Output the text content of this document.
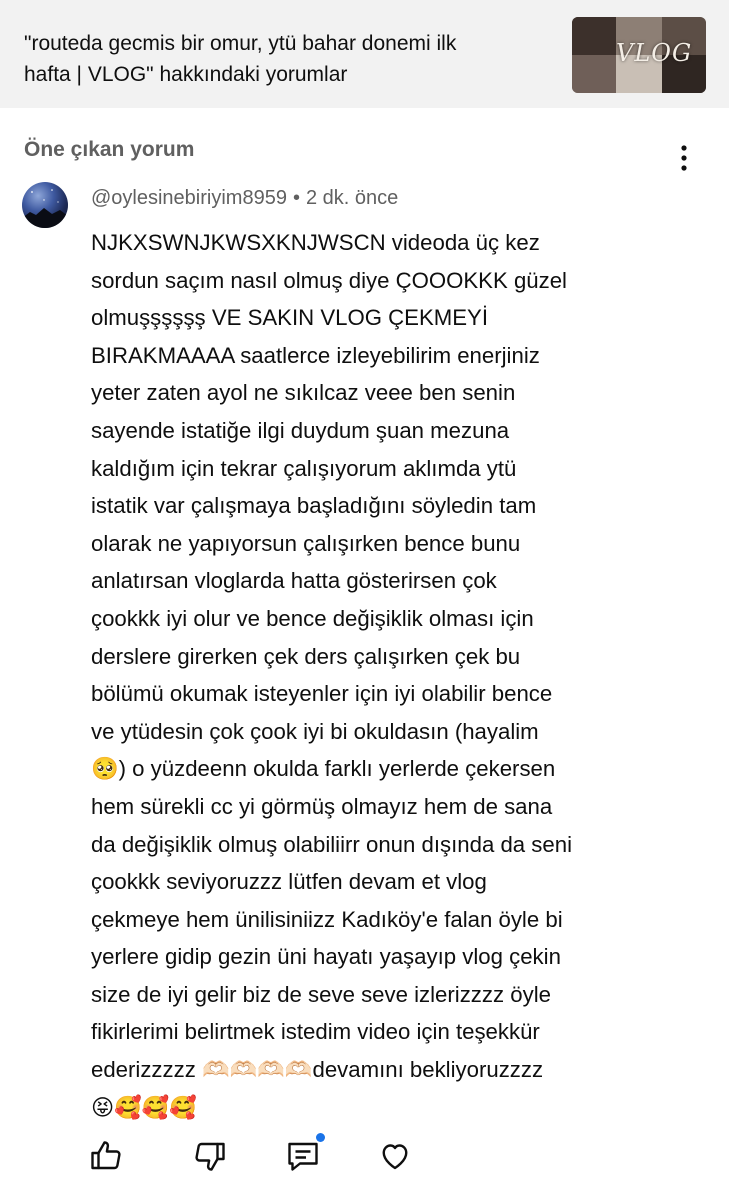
"routeda gecmis bir omur, ytü bahar donemi ilk
hafta | VLOG" hakkındaki yorumlar
VLOG
Öne çıkan yorum
@oylesinebiriyim8959 • 2 dk. önce
NJKXSWNJKWSXKNJWSCN videoda üç kez
sordun saçım nasıl olmuş diye ÇOOOKKK güzel
olmuşşşşşş VE SAKIN VLOG ÇEKMEYİ
BIRAKMAAAA saatlerce izleyebilirim enerjiniz
yeter zaten ayol ne sıkılcaz veee ben senin
sayende istatiğe ilgi duydum şuan mezuna
kaldığım için tekrar çalışıyorum aklımda ytü
istatik var çalışmaya başladığını söyledin tam
olarak ne yapıyorsun çalışırken bence bunu
anlatırsan vloglarda hatta gösterirsen çok
çookkk iyi olur ve bence değişiklik olması için
derslere girerken çek ders çalışırken çek bu
bölümü okumak isteyenler için iyi olabilir bence
ve ytüdesin çok çook iyi bi okuldasın (hayalim
🥺) o yüzdeenn okulda farklı yerlerde çekersen
hem sürekli cc yi görmüş olmayız hem de sana
da değişiklik olmuş olabiliirr onun dışında da seni
çookkk seviyoruzzz lütfen devam et vlog
çekmeye hem ünilisiniizz Kadıköy'e falan öyle bi
yerlere gidip gezin üni hayatı yaşayıp vlog çekin
size de iyi gelir biz de seve seve izlerizzzz öyle
fikirlerimi belirtmek istedim video için teşekkür
ederizzzzz 🫶🏻🫶🏻🫶🏻🫶🏻devamını bekliyoruzzzz
😝🥰🥰🥰
